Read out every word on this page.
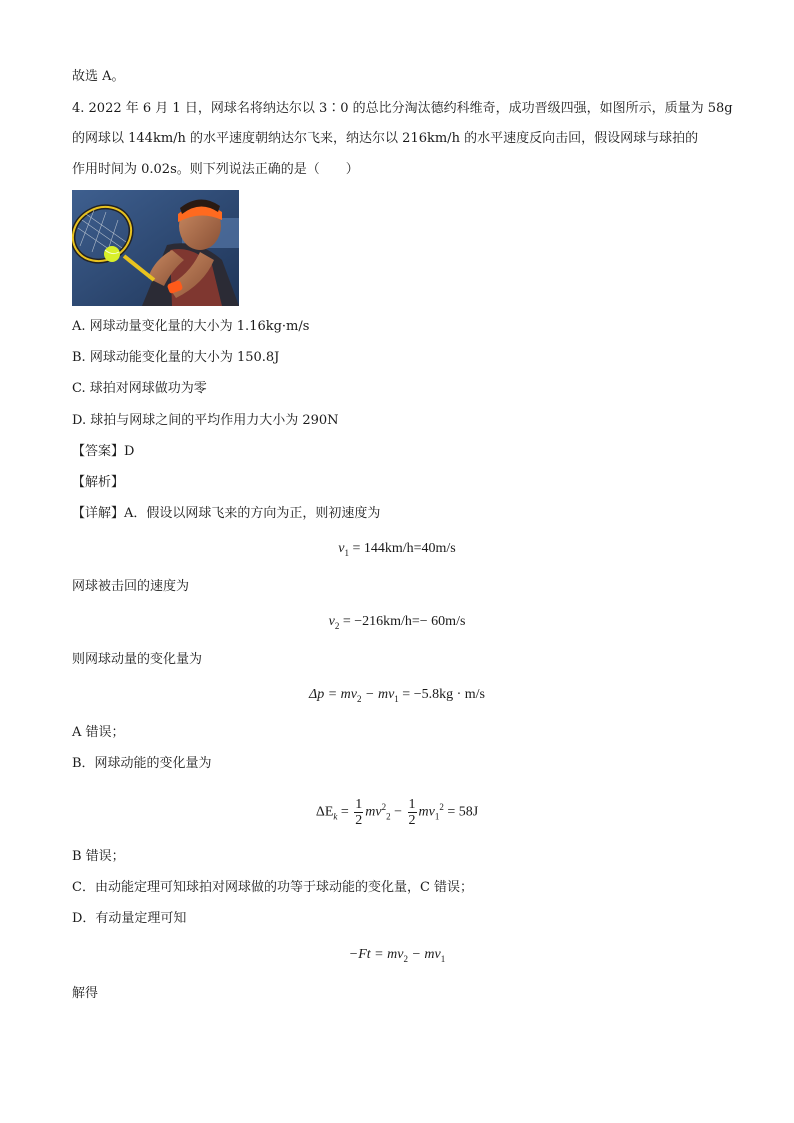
故选 A。
4. 2022 年 6 月 1 日，网球名将纳达尔以 3∶0 的总比分淘汰德约科维奇，成功晋级四强，如图所示，质量为 58g
的网球以 144km/h 的水平速度朝纳达尔飞来，纳达尔以 216km/h 的水平速度反向击回，假设网球与球拍的
作用时间为 0.02s。则下列说法正确的是（　　）
A. 网球动量变化量的大小为 1.16kg·m/s
B. 网球动能变化量的大小为 150.8J
C. 球拍对网球做功为零
D. 球拍与网球之间的平均作用力大小为 290N
【答案】D
【解析】
【详解】A．假设以网球飞来的方向为正，则初速度为
$v_1 = 144km/h=40m/s$
网球被击回的速度为
$v_2 = -216km/h=- 60m/s$
则网球动量的变化量为
$\Delta p = mv_2 - mv_1 = -5.8kg \cdot m/s$
A 错误；
B．网球动能的变化量为
$\Delta E_k = \frac{1}{2} mv^2_2 - \frac{1}{2} mv_1^2 = 58J$
B 错误；
C．由动能定理可知球拍对网球做的功等于球动能的变化量，C 错误；
D．有动量定理可知
$-Ft = mv_2 - mv_1$
解得
